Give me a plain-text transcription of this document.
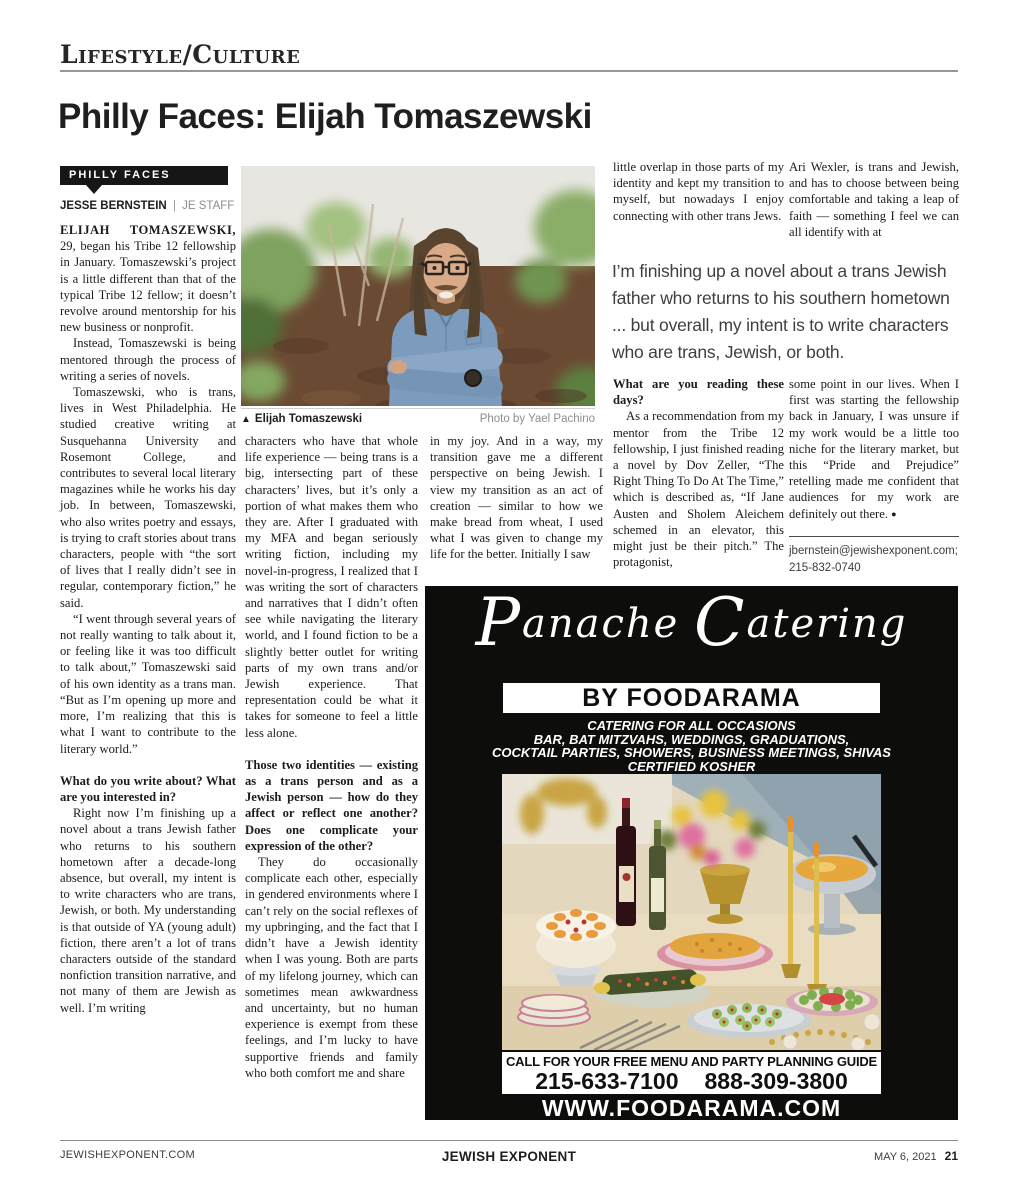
Lifestyle/Culture
Philly Faces: Elijah Tomaszewski
PHILLY FACES
JESSE BERNSTEIN | JE STAFF

ELIJAH TOMASZEWSKI, 29, began his Tribe 12 fellowship in January. Tomaszewski’s project is a little different than that of the typical Tribe 12 fellow; it doesn’t revolve around mentorship for his new business or nonprofit.

Instead, Tomaszewski is being mentored through the process of writing a series of novels.

Tomaszewski, who is trans, lives in West Philadelphia. He studied creative writing at Susquehanna University and Rosemont College, and contributes to several local literary magazines while he works his day job. In between, Tomaszewski, who also writes poetry and essays, is trying to craft stories about trans characters, people with “the sort of lives that I really didn’t see in regular, contemporary fiction,” he said.

“I went through several years of not really wanting to talk about it, or feeling like it was too difficult to talk about,” Tomaszewski said of his own identity as a trans man. “But as I’m opening up more and more, I’m realizing that this is what I want to contribute to the literary world.”

What do you write about? What are you interested in?

Right now I’m finishing up a novel about a trans Jewish father who returns to his southern hometown after a decade-long absence, but overall, my intent is to write characters who are trans, Jewish, or both. My understanding is that outside of YA (young adult) fiction, there aren’t a lot of trans characters outside of the standard nonfiction transition narrative, and not many of them are Jewish as well. I’m writing

▲ Elijah Tomaszewski	Photo by Yael Pachino

characters who have that whole life experience — being trans is a big, intersecting part of these characters’ lives, but it’s only a portion of what makes them who they are. After I graduated with my MFA and began seriously writing fiction, including my novel-in-progress, I realized that I was writing the sort of characters and narratives that I didn’t often see while navigating the literary world, and I found fiction to be a slightly better outlet for writing parts of my own trans and/or Jewish experience. That representation could be what it takes for someone to feel a little less alone.

Those two identities — existing as a trans person and as a Jewish person — how do they affect or reflect one another? Does one complicate your expression of the other?

They do occasionally complicate each other, especially in gendered environments where I can’t rely on the social reflexes of my upbringing, and the fact that I didn’t have a Jewish identity when I was young. Both are parts of my lifelong journey, which can sometimes mean awkwardness and uncertainty, but no human experience is exempt from these feelings, and I’m lucky to have supportive friends and family who both comfort me and share

in my joy. And in a way, my transition gave me a different perspective on being Jewish. I view my transition as an act of creation — similar to how we make bread from wheat, I used what I was given to change my life for the better. Initially I saw

little overlap in those parts of my identity and kept my transition to myself, but nowadays I enjoy connecting with other trans Jews.

Ari Wexler, is trans and Jewish, and has to choose between being comfortable and taking a leap of faith — something I feel we can all identify with at

I’m finishing up a novel about a trans Jewish father who returns to his southern hometown ... but overall, my intent is to write characters who are trans, Jewish, or both.

What are you reading these days?

As a recommendation from my mentor from the Tribe 12 fellowship, I just finished reading a novel by Dov Zeller, “The Right Thing To Do At The Time,” which is described as, “If Jane Austen and Sholem Aleichem schemed in an elevator, this might just be their pitch.” The protagonist,

some point in our lives. When I first was starting the fellowship back in January, I was unsure if my work would be a little too niche for the literary market, but this “Pride and Prejudice” retelling made me confident that audiences for my work are definitely out there. ●

jbernstein@jewishexponent.com;
215-832-0740
Panache Catering
BY FOODARAMA
CATERING FOR ALL OCCASIONS
BAR, BAT MITZVAHS, WEDDINGS, GRADUATIONS,
COCKTAIL PARTIES, SHOWERS, BUSINESS MEETINGS, SHIVAS
CERTIFIED KOSHER
CALL FOR YOUR FREE MENU AND PARTY PLANNING GUIDE
215-633-7100 888-309-3800
WWW.FOODARAMA.COM
JEWISHEXPONENT.COM	JEWISH EXPONENT	MAY 6, 2021 21
